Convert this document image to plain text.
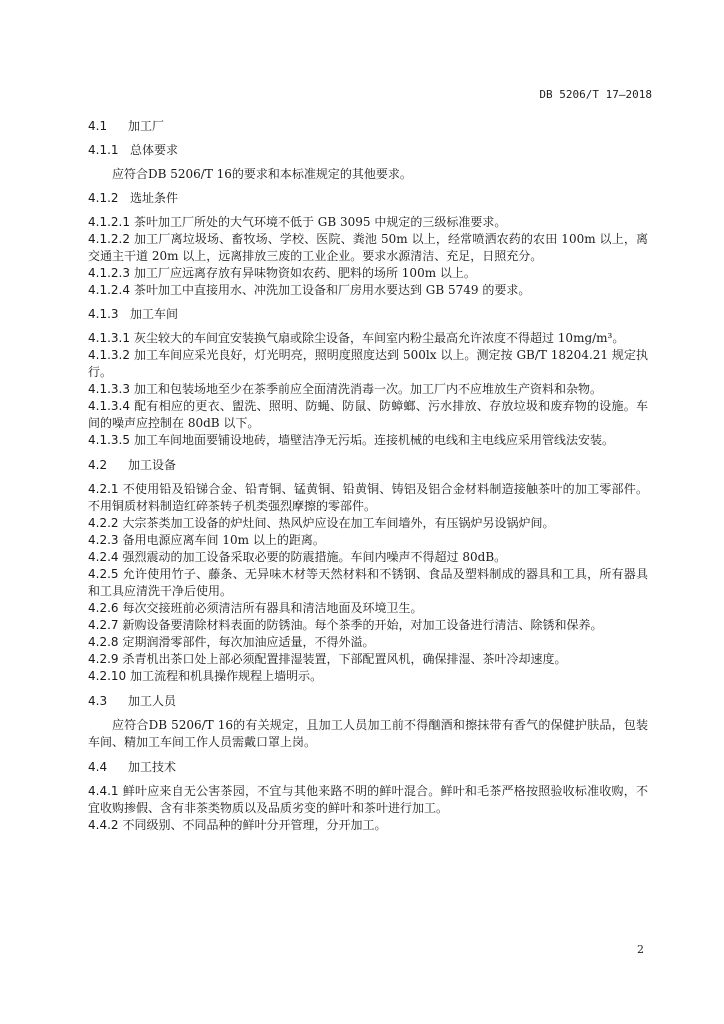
DB 5206/T 17—2018

4.1 加工厂

4.1.1 总体要求

应符合DB 5206/T 16的要求和本标准规定的其他要求。

4.1.2 选址条件

4.1.2.1 茶叶加工厂所处的大气环境不低于 GB 3095 中规定的三级标准要求。

4.1.2.2 加工厂离垃圾场、畜牧场、学校、医院、粪池 50m 以上，经常喷洒农药的农田 100m 以上，离交通主干道 20m 以上，远离排放三废的工业企业。要求水源清洁、充足，日照充分。

4.1.2.3 加工厂应远离存放有异味物资如农药、肥料的场所 100m 以上。

4.1.2.4 茶叶加工中直接用水、冲洗加工设备和厂房用水要达到 GB 5749 的要求。

4.1.3 加工车间

4.1.3.1 灰尘较大的车间宜安装换气扇或除尘设备，车间室内粉尘最高允许浓度不得超过 10mg/m³。

4.1.3.2 加工车间应采光良好，灯光明亮，照明度照度达到 500lx 以上。测定按 GB/T 18204.21 规定执行。

4.1.3.3 加工和包装场地至少在茶季前应全面清洗消毒一次。加工厂内不应堆放生产资料和杂物。

4.1.3.4 配有相应的更衣、盥洗、照明、防蝇、防鼠、防蟑螂、污水排放、存放垃圾和废弃物的设施。车间的噪声应控制在 80dB 以下。

4.1.3.5 加工车间地面要铺设地砖，墙壁洁净无污垢。连接机械的电线和主电线应采用管线法安装。

4.2 加工设备

4.2.1 不使用铅及铅锑合金、铅青铜、锰黄铜、铅黄铜、铸铝及铝合金材料制造接触茶叶的加工零部件。不用铜质材料制造红碎茶转子机类强烈摩擦的零部件。

4.2.2 大宗茶类加工设备的炉灶间、热风炉应设在加工车间墙外，有压锅炉另设锅炉间。

4.2.3 备用电源应离车间 10m 以上的距离。

4.2.4 强烈震动的加工设备采取必要的防震措施。车间内噪声不得超过 80dB。

4.2.5 允许使用竹子、藤条、无异味木材等天然材料和不锈钢、食品及塑料制成的器具和工具，所有器具和工具应清洗干净后使用。

4.2.6 每次交接班前必须清洁所有器具和清洁地面及环境卫生。

4.2.7 新购设备要清除材料表面的防锈油。每个茶季的开始，对加工设备进行清洁、除锈和保养。

4.2.8 定期润滑零部件，每次加油应适量，不得外溢。

4.2.9 杀青机出茶口处上部必须配置排湿装置，下部配置风机，确保排湿、茶叶冷却速度。

4.2.10 加工流程和机具操作规程上墙明示。

4.3 加工人员

应符合DB 5206/T 16的有关规定，且加工人员加工前不得酗酒和擦抹带有香气的保健护肤品，包装车间、精加工车间工作人员需戴口罩上岗。

4.4 加工技术

4.4.1 鲜叶应来自无公害茶园，不宜与其他来路不明的鲜叶混合。鲜叶和毛茶严格按照验收标准收购，不宜收购掺假、含有非茶类物质以及品质劣变的鲜叶和茶叶进行加工。

4.4.2 不同级别、不同品种的鲜叶分开管理，分开加工。

2
